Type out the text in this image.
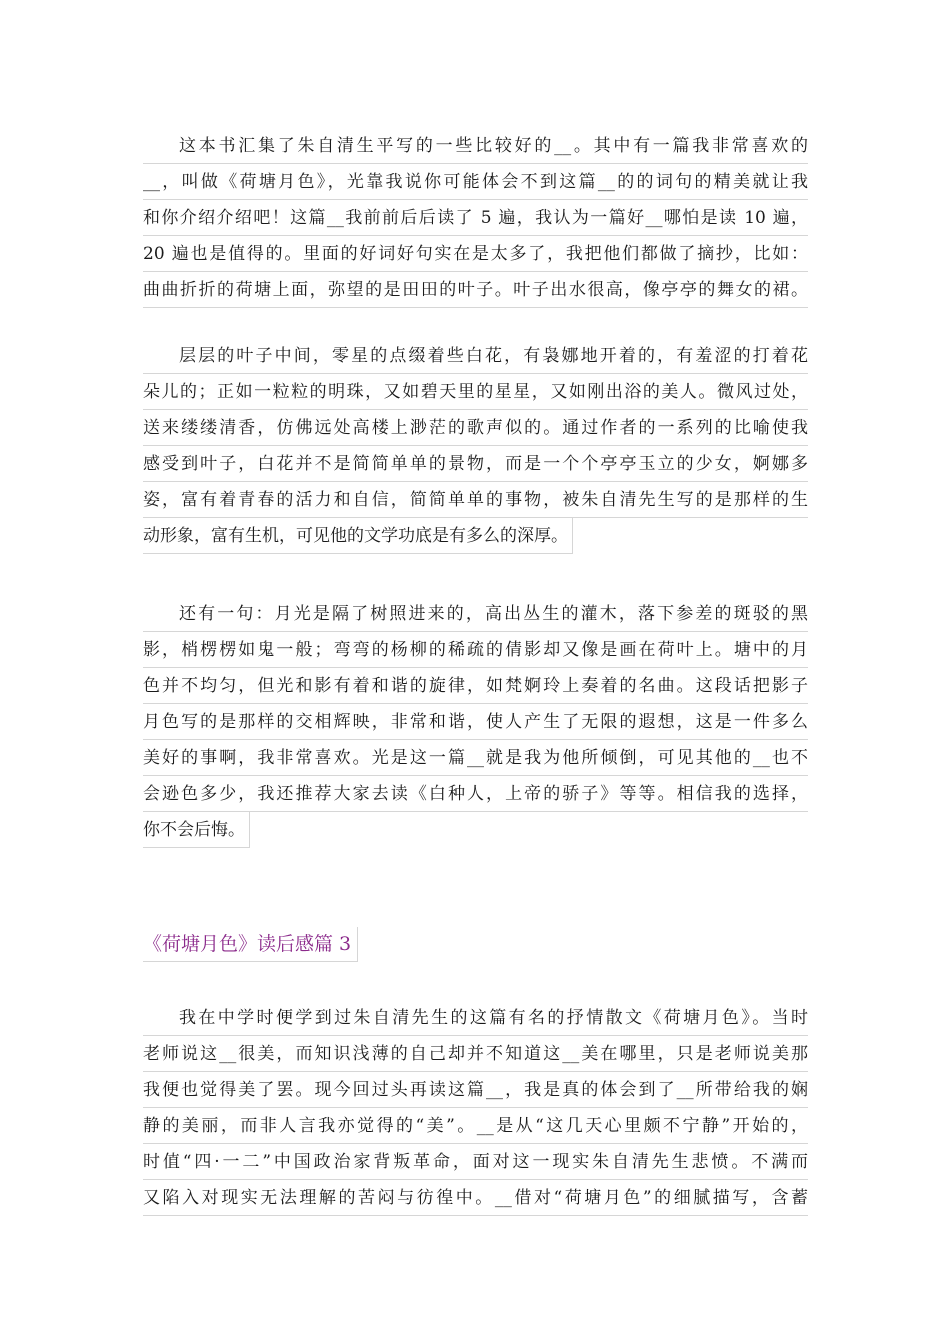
这本书汇集了朱自清生平写的一些比较好的__。其中有一篇我非常喜欢的
__，叫做《荷塘月色》，光靠我说你可能体会不到这篇__的的词句的精美就让我
和你介绍介绍吧！这篇__我前前后后读了 5 遍，我认为一篇好__哪怕是读 10 遍，
20 遍也是值得的。里面的好词好句实在是太多了，我把他们都做了摘抄，比如：
曲曲折折的荷塘上面，弥望的是田田的叶子。叶子出水很高，像亭亭的舞女的裙。
层层的叶子中间，零星的点缀着些白花，有袅娜地开着的，有羞涩的打着花
朵儿的；正如一粒粒的明珠，又如碧天里的星星，又如刚出浴的美人。微风过处，
送来缕缕清香，仿佛远处高楼上渺茫的歌声似的。通过作者的一系列的比喻使我
感受到叶子，白花并不是简简单单的景物，而是一个个亭亭玉立的少女，婀娜多
姿，富有着青春的活力和自信，简简单单的事物，被朱自清先生写的是那样的生
动形象，富有生机，可见他的文学功底是有多么的深厚。
还有一句：月光是隔了树照进来的，高出丛生的灌木，落下参差的斑驳的黑
影，梢楞楞如鬼一般；弯弯的杨柳的稀疏的倩影却又像是画在荷叶上。塘中的月
色并不均匀，但光和影有着和谐的旋律，如梵婀玲上奏着的名曲。这段话把影子
月色写的是那样的交相辉映，非常和谐，使人产生了无限的遐想，这是一件多么
美好的事啊，我非常喜欢。光是这一篇__就是我为他所倾倒，可见其他的__也不
会逊色多少，我还推荐大家去读《白种人，上帝的骄子》等等。相信我的选择，
你不会后悔。
《荷塘月色》读后感篇 3
我在中学时便学到过朱自清先生的这篇有名的抒情散文《荷塘月色》。当时
老师说这__很美，而知识浅薄的自己却并不知道这__美在哪里，只是老师说美那
我便也觉得美了罢。现今回过头再读这篇__，我是真的体会到了__所带给我的娴
静的美丽，而非人言我亦觉得的“美”。__是从“这几天心里颇不宁静”开始的，
时值“四·一二”中国政治家背叛革命，面对这一现实朱自清先生悲愤。不满而
又陷入对现实无法理解的苦闷与彷徨中。__借对“荷塘月色”的细腻描写，含蓄
